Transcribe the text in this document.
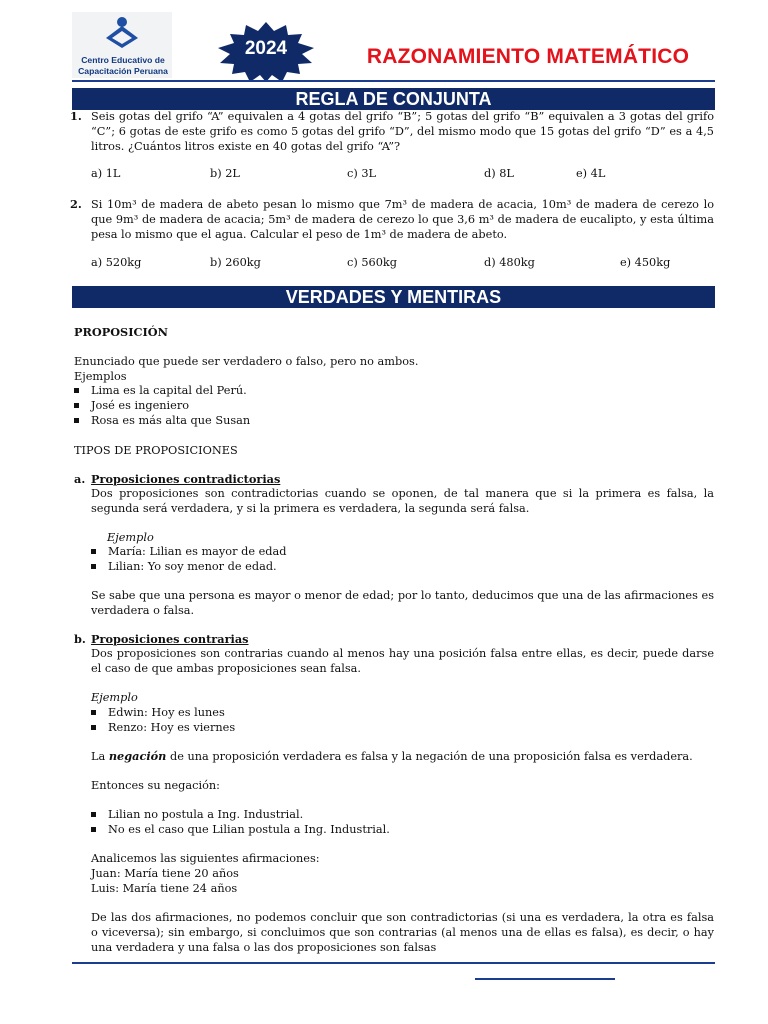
Centro Educativo de
Capacitación Peruana
2024	RAZONAMIENTO MATEMÁTICO
REGLA DE CONJUNTA
1. Seis gotas del grifo “A” equivalen a 4 gotas del grifo “B”; 5 gotas del grifo “B” equivalen a 3 gotas del grifo “C”; 6 gotas de este grifo es como 5 gotas del grifo “D”, del mismo modo que 15 gotas del grifo “D” es a 4,5 litros. ¿Cuántos litros existe en 40 gotas del grifo “A”?
a) 1L	b) 2L	c) 3L	d) 8L	e) 4L
2. Si 10m³ de madera de abeto pesan lo mismo que 7m³ de madera de acacia, 10m³ de madera de cerezo lo que 9m³ de madera de acacia; 5m³ de madera de cerezo lo que 3,6 m³ de madera de eucalipto, y esta última pesa lo mismo que el agua. Calcular el peso de 1m³ de madera de abeto.
a) 520kg	b) 260kg	c) 560kg	d) 480kg	e) 450kg
VERDADES Y MENTIRAS
PROPOSICIÓN
Enunciado que puede ser verdadero o falso, pero no ambos.
Ejemplos
Lima es la capital del Perú.
José es ingeniero
Rosa es más alta que Susan
TIPOS DE PROPOSICIONES
a. Proposiciones contradictorias
Dos proposiciones son contradictorias cuando se oponen, de tal manera que si la primera es falsa, la segunda será verdadera, y si la primera es verdadera, la segunda será falsa.
Ejemplo
María: Lilian es mayor de edad
Lilian: Yo soy menor de edad.
Se sabe que una persona es mayor o menor de edad; por lo tanto, deducimos que una de las afirmaciones es verdadera o falsa.
b. Proposiciones contrarias
Dos proposiciones son contrarias cuando al menos hay una posición falsa entre ellas, es decir, puede darse el caso de que ambas proposiciones sean falsa.
Ejemplo
Edwin: Hoy es lunes
Renzo: Hoy es viernes
La negación de una proposición verdadera es falsa y la negación de una proposición falsa es verdadera.
Entonces su negación:
Lilian no postula a Ing. Industrial.
No es el caso que Lilian postula a Ing. Industrial.
Analicemos las siguientes afirmaciones:
Juan: María tiene 20 años
Luis: María tiene 24 años
De las dos afirmaciones, no podemos concluir que son contradictorias (si una es verdadera, la otra es falsa o viceversa); sin embargo, si concluimos que son contrarias (al menos una de ellas es falsa), es decir, o hay una verdadera y una falsa o las dos proposiciones son falsas
